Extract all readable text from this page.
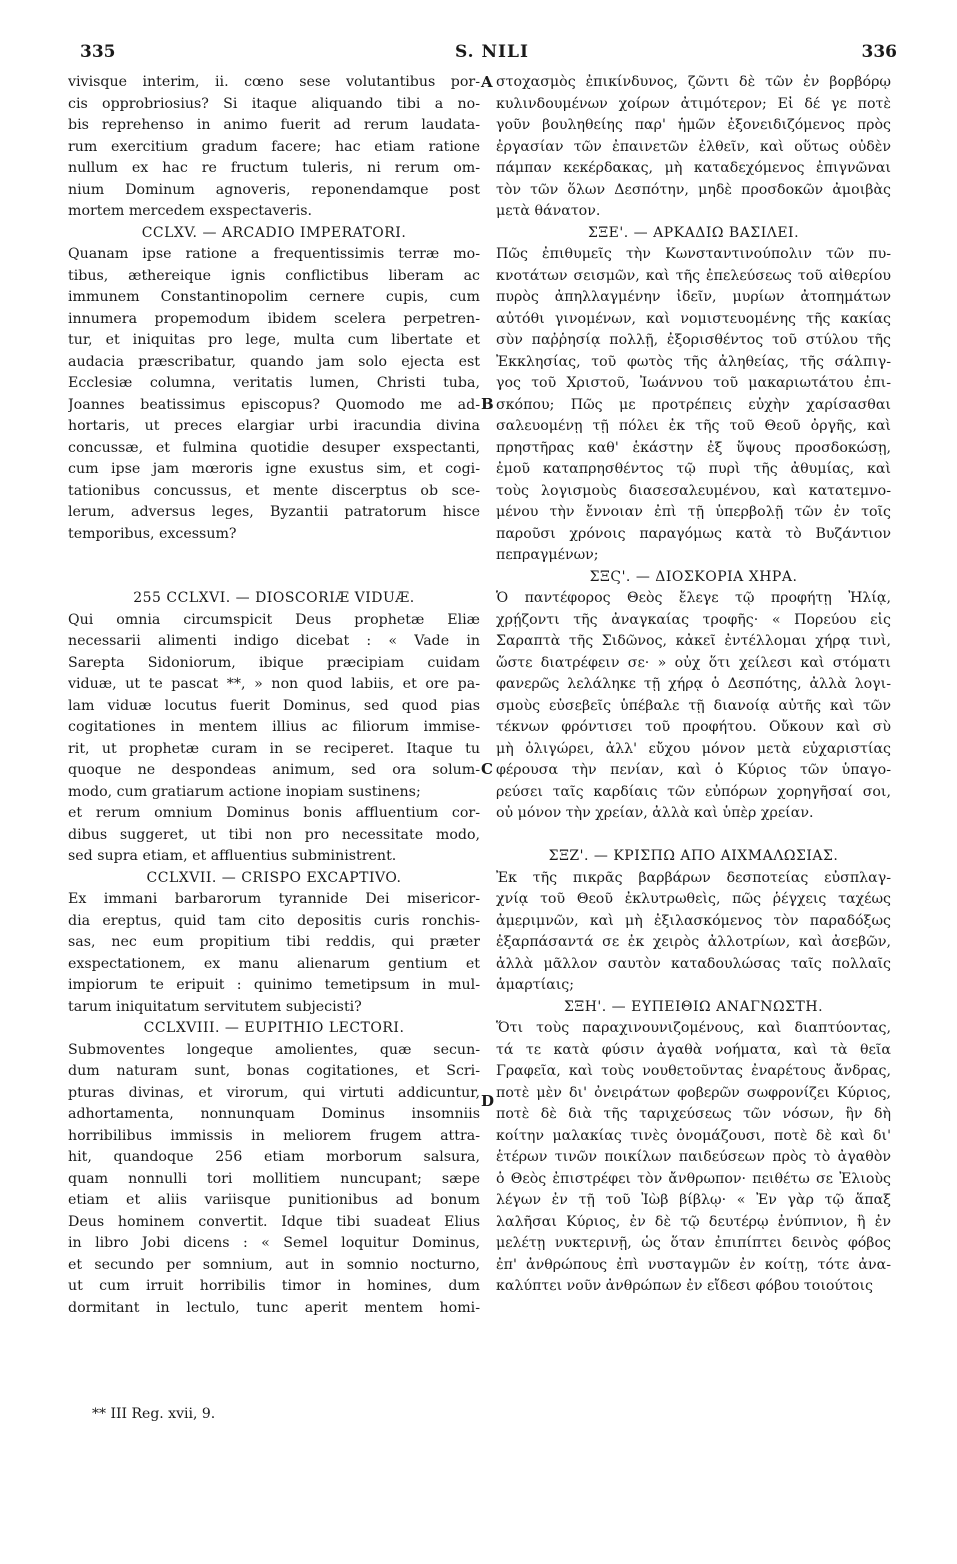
335	S. NILI	336
vivisque interim, ii. cœno sese volutantibus por-
cis opprobriosius? Si itaque aliquando tibi a no-
bis reprehenso in animo fuerit ad rerum laudata-
rum exercitium gradum facere; hac etiam ratione
nullum ex hac re fructum tuleris, ni rerum om-
nium Dominum agnoveris, reponendamque post
mortem mercedem exspectaveris.
CCLXV. — ARCADIO IMPERATORI.
Quanam ipse ratione a frequentissimis terræ mo-
tibus, æthereique ignis conflictibus liberam ac
immunem Constantinopolim cernere cupis, cum
innumera propemodum ibidem scelera perpetren-
tur, et iniquitas pro lege, multa cum libertate et
audacia præscribatur, quando jam solo ejecta est
Ecclesiæ columna, veritatis lumen, Christi tuba,
Joannes beatissimus episcopus? Quomodo me ad-
hortaris, ut preces elargiar urbi iracundia divina
concussæ, et fulmina quotidie desuper exspectanti,
cum ipse jam mœroris igne exustus sim, et cogi-
tationibus concussus, et mente discerptus ob sce-
lerum, adversus leges, Byzantii patratorum hisce
temporibus, excessum?
255 CCLXVI. — DIOSCORIÆ VIDUÆ.
Qui omnia circumspicit Deus prophetæ Eliæ
necessarii alimenti indigo dicebat : « Vade in
Sarepta Sidoniorum, ibique præcipiam cuidam
viduæ, ut te pascat **, » non quod labiis, et ore pa-
lam viduæ locutus fuerit Dominus, sed quod pias
cogitationes in mentem illius ac filiorum immise-
rit, ut prophetæ curam in se reciperet. Itaque tu
quoque ne despondeas animum, sed ora solum-
modo, cum gratiarum actione inopiam sustinens;
et rerum omnium Dominus bonis affluentium cor-
dibus suggeret, ut tibi non pro necessitate modo,
sed supra etiam, et affluentius subministrent.
CCLXVII. — CRISPO EXCAPTIVO.
Ex immani barbarorum tyrannide Dei misericor-
dia ereptus, quid tam cito depositis curis ronchis-
sas, nec eum propitium tibi reddis, qui præter
exspectationem, ex manu alienarum gentium et
impiorum te eripuit : quinimo temetipsum in mul-
tarum iniquitatum servitutem subjecisti?
CCLXVIII. — EUPITHIO LECTORI.
Submoventes longeque amolientes, quæ secun-
dum naturam sunt, bonas cogitationes, et Scri-
pturas divinas, et virorum, qui virtuti addicuntur,
adhortamenta, nonnunquam Dominus insomniis
horribilibus immissis in meliorem frugem attra-
hit, quandoque 256 etiam morborum salsura,
quam nonnulli tori mollitiem nuncupant; sæpe
etiam et aliis variisque punitionibus ad bonum
Deus hominem convertit. Idque tibi suadeat Elius
in libro Jobi dicens : « Semel loquitur Dominus,
et secundo per somnium, aut in somnio nocturno,
ut cum irruit horribilis timor in homines, dum
dormitant in lectulo, tunc aperit mentem homi-
στοχασμὸς ἐπικίνδυνος, ζῶντι δὲ τῶν ἐν βορβόρῳ
κυλινδουμένων χοίρων ἀτιμότερον; Εἰ δέ γε ποτὲ
γοῦν βουληθείης παρ' ἡμῶν ἐξονειδιζόμενος πρὸς
ἐργασίαν τῶν ἐπαινετῶν ἐλθεῖν, καὶ οὕτως οὐδὲν
πάμπαν κεκέρδακας, μὴ καταδεχόμενος ἐπιγνῶναι
τὸν τῶν ὅλων Δεσπότην, μηδὲ προσδοκῶν ἀμοιβὰς
μετὰ θάνατον.
ΣΞΕ'. — ΑΡΚΑΔΙΩ ΒΑΣΙΛΕΙ.
Πῶς ἐπιθυμεῖς τὴν Κωνσταντινούπολιν τῶν πυ-
κνοτάτων σεισμῶν, καὶ τῆς ἐπελεύσεως τοῦ αἰθερίου
πυρὸς ἀπηλλαγμένην ἰδεῖν, μυρίων ἀτοπημάτων
αὐτόθι γινομένων, καὶ νομιστευομένης τῆς κακίας
σὺν παῤῥησίᾳ πολλῇ, ἐξορισθέντος τοῦ στύλου τῆς
Ἐκκλησίας, τοῦ φωτὸς τῆς ἀληθείας, τῆς σάλπιγ-
γος τοῦ Χριστοῦ, Ἰωάννου τοῦ μακαριωτάτου ἐπι-
σκόπου; Πῶς με προτρέπεις εὐχὴν χαρίσασθαι
σαλευομένῃ τῇ πόλει ἐκ τῆς τοῦ Θεοῦ ὀργῆς, καὶ
πρηστῆρας καθ' ἑκάστην ἐξ ὕψους προσδοκώσῃ,
ἐμοῦ καταπρησθέντος τῷ πυρὶ τῆς ἀθυμίας, καὶ
τοὺς λογισμοὺς διασεσαλευμένου, καὶ κατατεμνο-
μένου τὴν ἔννοιαν ἐπὶ τῇ ὑπερβολῇ τῶν ἐν τοῖς
παροῦσι χρόνοις παραγόμως κατὰ τὸ Βυζάντιον
πεπραγμένων;
ΣΞϚ'. — ΔΙΟΣΚΟΡΙΑ ΧΗΡΑ.
Ὁ παντέφορος Θεὸς ἔλεγε τῷ προφήτῃ Ἠλίᾳ,
χρῄζοντι τῆς ἀναγκαίας τροφῆς· « Πορεύου εἰς
Σαραπτὰ τῆς Σιδῶνος, κἀκεῖ ἐντέλλομαι χήρᾳ τινὶ,
ὥστε διατρέφειν σε· » οὐχ ὅτι χείλεσι καὶ στόματι
φανερῶς λελάληκε τῇ χήρᾳ ὁ Δεσπότης, ἀλλὰ λογι-
σμοὺς εὐσεβεῖς ὑπέβαλε τῇ διανοίᾳ αὐτῆς καὶ τῶν
τέκνων φρόντισει τοῦ προφήτου. Οὔκουν καὶ σὺ
μὴ ὀλιγώρει, ἀλλ' εὔχου μόνον μετὰ εὐχαριστίας
φέρουσα τὴν πενίαν, καὶ ὁ Κύριος τῶν ὑπαγο-
ρεύσει ταῖς καρδίαις τῶν εὐπόρων χορηγῆσαί σοι,
οὐ μόνον τὴν χρείαν, ἀλλὰ καὶ ὑπὲρ χρείαν.
ΣΞΖ'. — ΚΡΙΣΠΩ ΑΠΟ ΑΙΧΜΑΛΩΣΙΑΣ.
Ἐκ τῆς πικρᾶς βαρβάρων δεσποτείας εὐσπλαγ-
χνίᾳ τοῦ Θεοῦ ἐκλυτρωθεὶς, πῶς ῥέγχεις ταχέως
ἀμεριμνῶν, καὶ μὴ ἐξιλασκόμενος τὸν παραδόξως
ἐξαρπάσαντά σε ἐκ χειρὸς ἀλλοτρίων, καὶ ἀσεβῶν,
ἀλλὰ μᾶλλον σαυτὸν καταδουλώσας ταῖς πολλαῖς
ἁμαρτίαις;
ΣΞΗ'. — ΕΥΠΕΙΘΙΩ ΑΝΑΓΝΩΣΤΗ.
Ὅτι τοὺς παραχινουνιζομένους, καὶ διαπτύοντας,
τά τε κατὰ φύσιν ἀγαθὰ νοήματα, καὶ τὰ θεῖα
Γραφεῖα, καὶ τοὺς νουθετοῦντας ἐναρέτους ἄνδρας,
ποτὲ μὲν δι' ὀνειράτων φοβερῶν σωφρονίζει Κύριος,
ποτὲ δὲ διὰ τῆς ταριχεύσεως τῶν νόσων, ἣν δὴ
κοίτην μαλακίας τινὲς ὀνομάζουσι, ποτὲ δὲ καὶ δι'
ἑτέρων τινῶν ποικίλων παιδεύσεων πρὸς τὸ ἀγαθὸν
ὁ Θεὸς ἐπιστρέφει τὸν ἄνθρωπον· πειθέτω σε Ἐλιοὺς
λέγων ἐν τῇ τοῦ Ἰὼβ βίβλῳ· « Ἐν γὰρ τῷ ἅπαξ
λαλῆσαι Κύριος, ἐν δὲ τῷ δευτέρῳ ἐνύπνιον, ἢ ἐν
μελέτῃ νυκτερινῇ, ὡς ὅταν ἐπιπίπτει δεινὸς φόβος
ἐπ' ἀνθρώπους ἐπὶ νυσταγμῶν ἐν κοίτῃ, τότε ἀνα-
καλύπτει νοῦν ἀνθρώπων ἐν εἴδεσι φόβου τοιούτοις
A
B
C
D
** III Reg. xvii, 9.
